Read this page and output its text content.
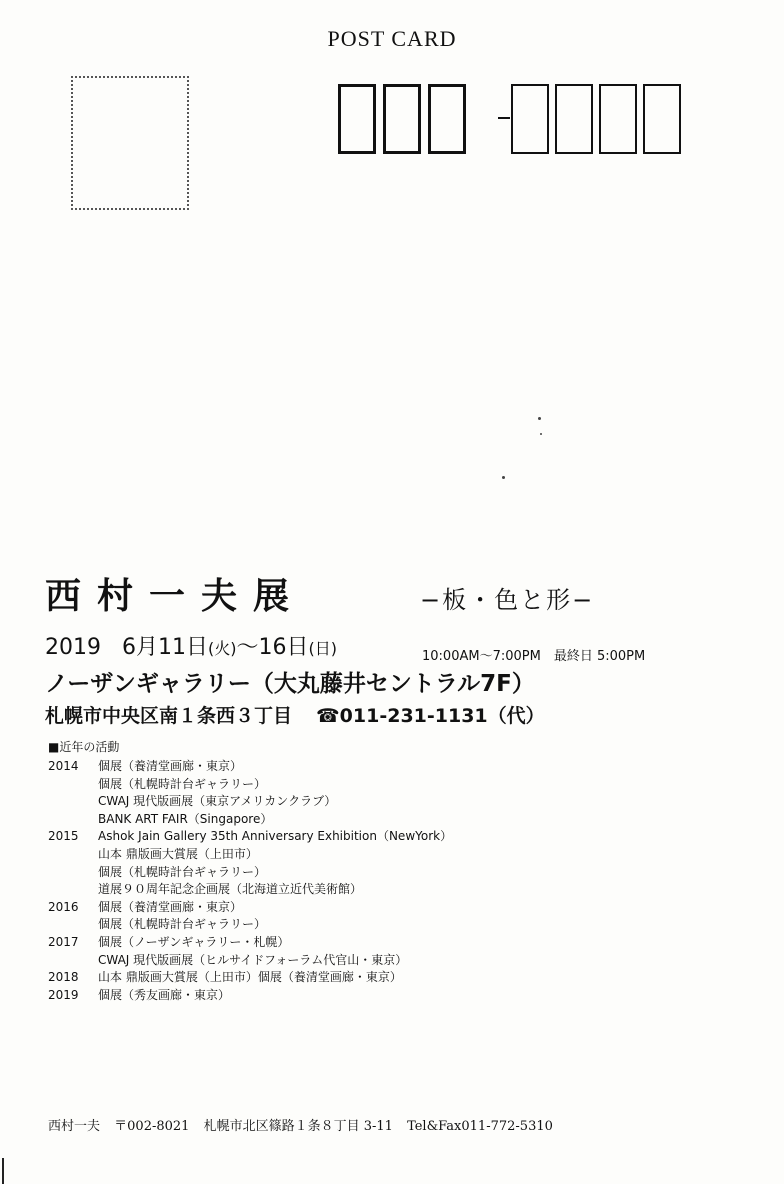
POST CARD
西村一夫展	−板・色と形−
2019 6月11日(火)〜16日(日)	10:00AM〜7:00PM　最終日 5:00PM
ノーザンギャラリー（大丸藤井セントラル7F）
札幌市中央区南１条西３丁目 ☎011-231-1131（代）
■近年の活動
2014 個展（養清堂画廊・東京）
個展（札幌時計台ギャラリー）
CWAJ 現代版画展（東京アメリカンクラブ）
BANK ART FAIR（Singapore）
2015 Ashok Jain Gallery 35th Anniversary Exhibition（NewYork）
山本 鼎版画大賞展（上田市）
個展（札幌時計台ギャラリー）
道展９０周年記念企画展（北海道立近代美術館）
2016 個展（養清堂画廊・東京）
個展（札幌時計台ギャラリー）
2017 個展（ノーザンギャラリー・札幌）
CWAJ 現代版画展（ヒルサイドフォーラム代官山・東京）
2018 山本 鼎版画大賞展（上田市）個展（養清堂画廊・東京）
2019 個展（秀友画廊・東京）
西村一夫 〒002-8021 札幌市北区篠路１条８丁目 3-11 Tel&Fax011-772-5310
